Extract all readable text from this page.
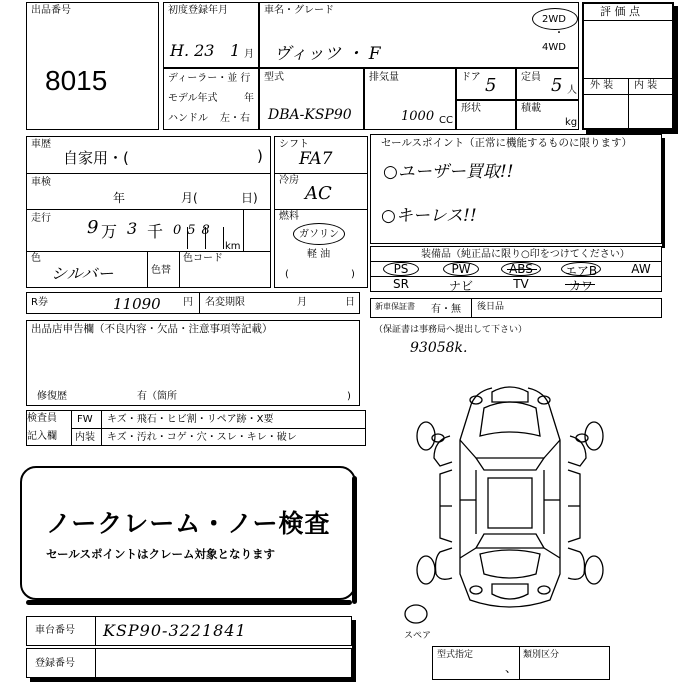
出品番号
8015
初度登録年月
H. 23 1 月
車名・グレード
ヴィッツ ・ F
2WD
・
4WD
評 価 点
外 装 内 装
ディーラー・並 行
モデル年式	年
ハンドル 左・右
型式
DBA-KSP90
排気量
1000 CC
ドア 5 定員 5 人
形状	積載
kg
車歴
自家用・(	)
車検
年	月(	日)
走行 9 万 3 千 058
km
色
シルバー	色替
色コード
シフト
FA7
冷房
AC
燃料
ガソリン
軽 油
(	)
セールスポイント（正常に機能するものに限ります）
○ユーザー買取!!
○キーレス!!
装備品（純正品に限り○印をつけてください）
PS	PW	ABS	エアB	AW
SR	ナビ	TV	カワ
R券	11090 円 名変期限	月	日	新車保証書 有・無 後日品
（保証書は事務局へ提出して下さい）
93058k.
出品店申告欄（不良内容・欠品・注意事項等記載）
修復歴	有（箇所	)
検査員
記入欄
FW キズ・飛石・ヒビ割・リペア跡・X要
内装 キズ・汚れ・コゲ・穴・スレ・キレ・破レ
ノークレーム・ノー検査
セールスポイントはクレーム対象となります
スペア
車台番号 KSP90-3221841
登録番号
型式指定
、
類別区分
